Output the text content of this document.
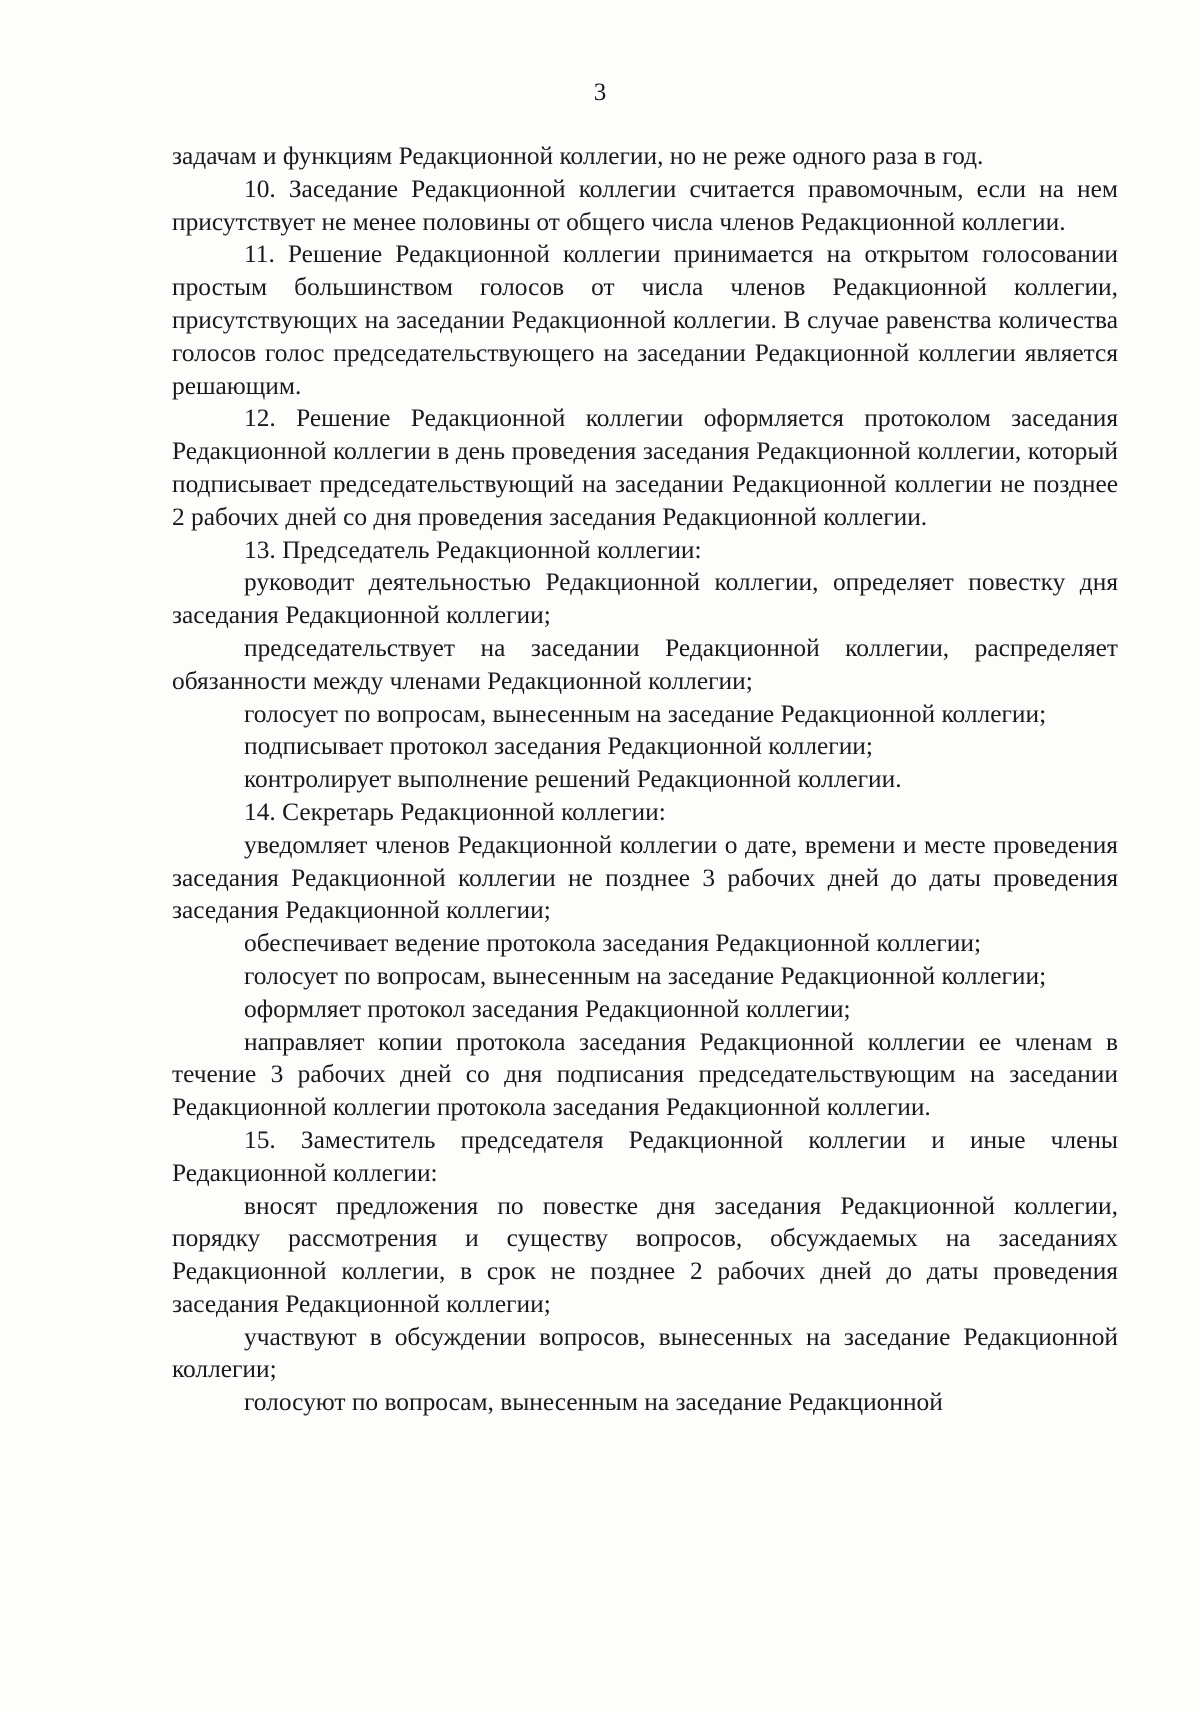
3

задачам и функциям Редакционной коллегии, но не реже одного раза в год.

10. Заседание Редакционной коллегии считается правомочным, если на нем присутствует не менее половины от общего числа членов Редакционной коллегии.

11. Решение Редакционной коллегии принимается на открытом голосовании простым большинством голосов от числа членов Редакционной коллегии, присутствующих на заседании Редакционной коллегии. В случае равенства количества голосов голос председательствующего на заседании Редакционной коллегии является решающим.

12. Решение Редакционной коллегии оформляется протоколом заседания Редакционной коллегии в день проведения заседания Редакционной коллегии, который подписывает председательствующий на заседании Редакционной коллегии не позднее 2 рабочих дней со дня проведения заседания Редакционной коллегии.

13. Председатель Редакционной коллегии:

руководит деятельностью Редакционной коллегии, определяет повестку дня заседания Редакционной коллегии;

председательствует на заседании Редакционной коллегии, распределяет обязанности между членами Редакционной коллегии;

голосует по вопросам, вынесенным на заседание Редакционной коллегии;

подписывает протокол заседания Редакционной коллегии;

контролирует выполнение решений Редакционной коллегии.

14. Секретарь Редакционной коллегии:

уведомляет членов Редакционной коллегии о дате, времени и месте проведения заседания Редакционной коллегии не позднее 3 рабочих дней до даты проведения заседания Редакционной коллегии;

обеспечивает ведение протокола заседания Редакционной коллегии;

голосует по вопросам, вынесенным на заседание Редакционной коллегии;

оформляет протокол заседания Редакционной коллегии;

направляет копии протокола заседания Редакционной коллегии ее членам в течение 3 рабочих дней со дня подписания председательствующим на заседании Редакционной коллегии протокола заседания Редакционной коллегии.

15. Заместитель председателя Редакционной коллегии и иные члены Редакционной коллегии:

вносят предложения по повестке дня заседания Редакционной коллегии, порядку рассмотрения и существу вопросов, обсуждаемых на заседаниях Редакционной коллегии, в срок не позднее 2 рабочих дней до даты проведения заседания Редакционной коллегии;

участвуют в обсуждении вопросов, вынесенных на заседание Редакционной коллегии;

голосуют по вопросам, вынесенным на заседание Редакционной
